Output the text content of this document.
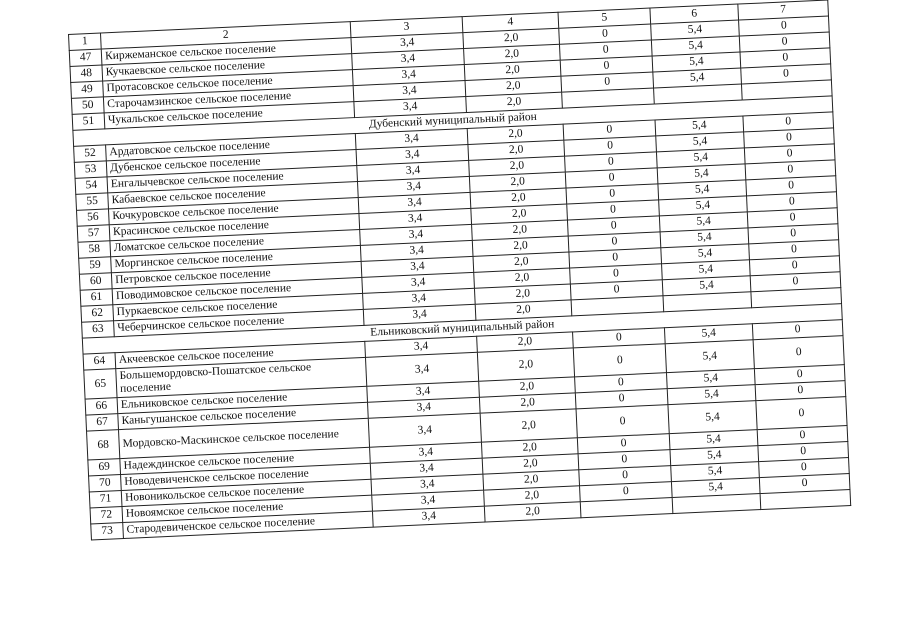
1	2	3	4	5	6	7
47	Киржеманское сельское поселение	3,4	2,0	0	5,4	0
48	Кучкаевское сельское поселение	3,4	2,0	0	5,4	0
49	Протасовское сельское поселение	3,4	2,0	0	5,4	0
50	Старочамзинское сельское поселение	3,4	2,0	0	5,4	0
51	Чукальское сельское поселение	3,4	2,0			
Дубенский муниципальный район						
52	Ардатовское сельское поселение	3,4	2,0	0	5,4	0
53	Дубенское сельское поселение	3,4	2,0	0	5,4	0
54	Енгалычевское сельское поселение	3,4	2,0	0	5,4	0
55	Кабаевское сельское поселение	3,4	2,0	0	5,4	0
56	Кочкуровское сельское поселение	3,4	2,0	0	5,4	0
57	Красинское сельское поселение	3,4	2,0	0	5,4	0
58	Ломатское сельское поселение	3,4	2,0	0	5,4	0
59	Моргинское сельское поселение	3,4	2,0	0	5,4	0
60	Петровское сельское поселение	3,4	2,0	0	5,4	0
61	Поводимовское сельское поселение	3,4	2,0	0	5,4	0
62	Пуркаевское сельское поселение	3,4	2,0	0	5,4	0
63	Чеберчинское сельское поселение	3,4	2,0			
Ельниковский муниципальный район						
64	Акчеевское сельское поселение	3,4	2,0	0	5,4	0
65	Большемордовско-Пошатское сельское поселение	3,4	2,0	0	5,4	0
66	Ельниковское сельское поселение	3,4	2,0	0	5,4	0
67	Каньгушанское сельское поселение	3,4	2,0	0	5,4	0
68	Мордовско-Маскинское сельское поселение	3,4	2,0	0	5,4	0
69	Надеждинское сельское поселение	3,4	2,0	0	5,4	0
70	Новодевиченское сельское поселение	3,4	2,0	0	5,4	0
71	Новоникольское сельское поселение	3,4	2,0	0	5,4	0
72	Новоямское сельское поселение	3,4	2,0	0	5,4	0
73	Стародевиченское сельское поселение	3,4	2,0			
